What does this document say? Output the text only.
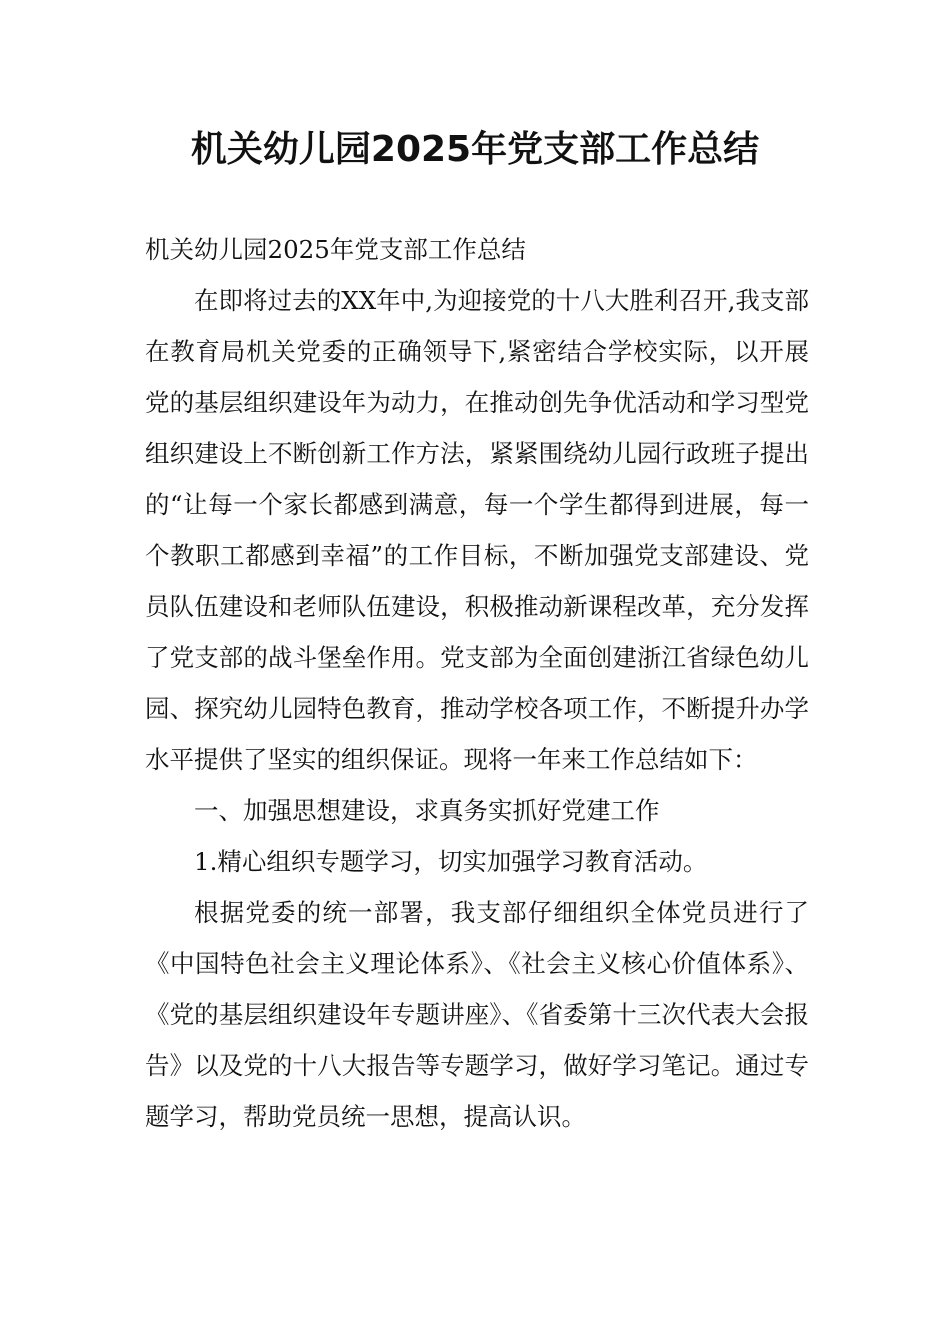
机关幼儿园2025年党支部工作总结

机关幼儿园2025年党支部工作总结

在即将过去的XX年中,为迎接党的十八大胜利召开,我支部在教育局机关党委的正确领导下,紧密结合学校实际，以开展党的基层组织建设年为动力，在推动创先争优活动和学习型党组织建设上不断创新工作方法，紧紧围绕幼儿园行政班子提出的“让每一个家长都感到满意，每一个学生都得到进展，每一个教职工都感到幸福”的工作目标，不断加强党支部建设、党员队伍建设和老师队伍建设，积极推动新课程改革，充分发挥了党支部的战斗堡垒作用。党支部为全面创建浙江省绿色幼儿园、探究幼儿园特色教育，推动学校各项工作，不断提升办学水平提供了坚实的组织保证。现将一年来工作总结如下：

一、加强思想建设，求真务实抓好党建工作

1.精心组织专题学习，切实加强学习教育活动。

根据党委的统一部署，我支部仔细组织全体党员进行了《中国特色社会主义理论体系》、《社会主义核心价值体系》、《党的基层组织建设年专题讲座》、《省委第十三次代表大会报告》以及党的十八大报告等专题学习，做好学习笔记。通过专题学习，帮助党员统一思想，提高认识。
